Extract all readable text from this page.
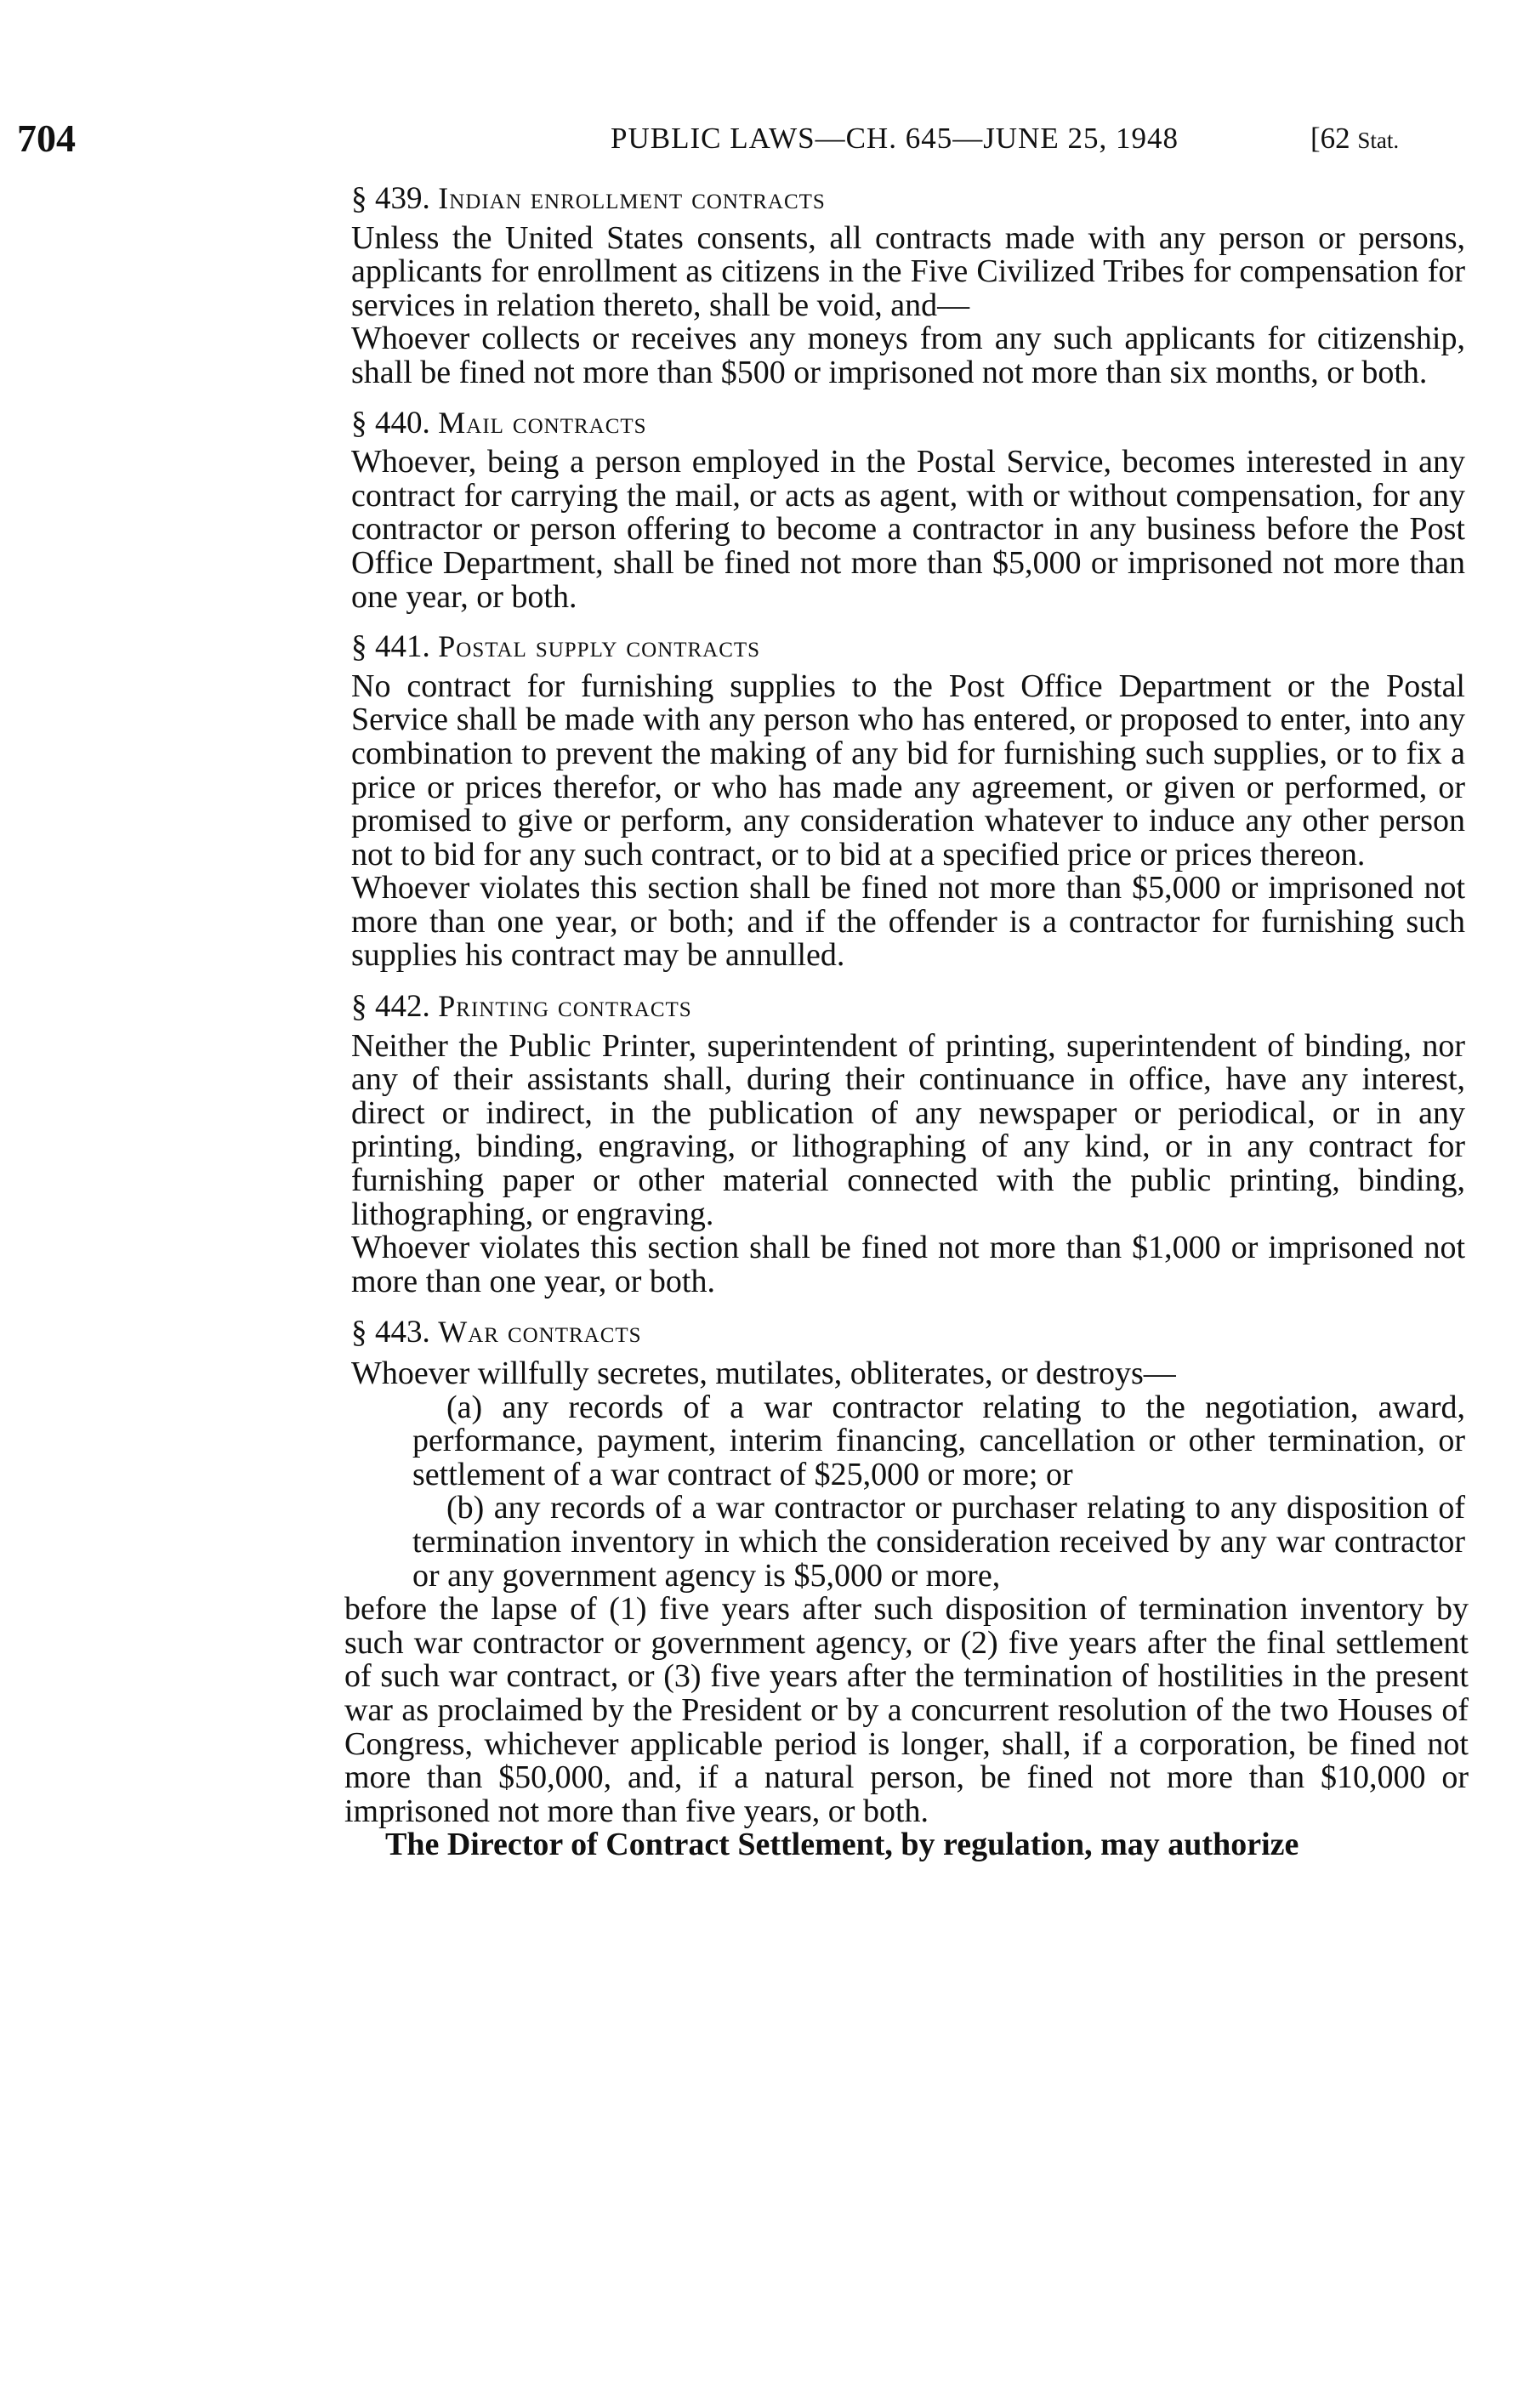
704	PUBLIC LAWS—CH. 645—JUNE 25, 1948	[62 Stat.

§ 439. Indian enrollment contracts

Unless the United States consents, all contracts made with any person or persons, applicants for enrollment as citizens in the Five Civilized Tribes for compensation for services in relation thereto, shall be void, and—

Whoever collects or receives any moneys from any such applicants for citizenship, shall be fined not more than $500 or imprisoned not more than six months, or both.

§ 440. Mail contracts

Whoever, being a person employed in the Postal Service, becomes interested in any contract for carrying the mail, or acts as agent, with or without compensation, for any contractor or person offering to become a contractor in any business before the Post Office Department, shall be fined not more than $5,000 or imprisoned not more than one year, or both.

§ 441. Postal supply contracts

No contract for furnishing supplies to the Post Office Department or the Postal Service shall be made with any person who has entered, or proposed to enter, into any combination to prevent the making of any bid for furnishing such supplies, or to fix a price or prices therefor, or who has made any agreement, or given or performed, or promised to give or perform, any consideration whatever to induce any other person not to bid for any such contract, or to bid at a specified price or prices thereon.

Whoever violates this section shall be fined not more than $5,000 or imprisoned not more than one year, or both; and if the offender is a contractor for furnishing such supplies his contract may be annulled.

§ 442. Printing contracts

Neither the Public Printer, superintendent of printing, superintendent of binding, nor any of their assistants shall, during their continuance in office, have any interest, direct or indirect, in the publication of any newspaper or periodical, or in any printing, binding, engraving, or lithographing of any kind, or in any contract for furnishing paper or other material connected with the public printing, binding, lithographing, or engraving.

Whoever violates this section shall be fined not more than $1,000 or imprisoned not more than one year, or both.

§ 443. War contracts

Whoever willfully secretes, mutilates, obliterates, or destroys—

(a) any records of a war contractor relating to the negotiation, award, performance, payment, interim financing, cancellation or other termination, or settlement of a war contract of $25,000 or more; or

(b) any records of a war contractor or purchaser relating to any disposition of termination inventory in which the consideration received by any war contractor or any government agency is $5,000 or more,

before the lapse of (1) five years after such disposition of termination inventory by such war contractor or government agency, or (2) five years after the final settlement of such war contract, or (3) five years after the termination of hostilities in the present war as proclaimed by the President or by a concurrent resolution of the two Houses of Congress, whichever applicable period is longer, shall, if a corporation, be fined not more than $50,000, and, if a natural person, be fined not more than $10,000 or imprisoned not more than five years, or both.

The Director of Contract Settlement, by regulation, may authorize
